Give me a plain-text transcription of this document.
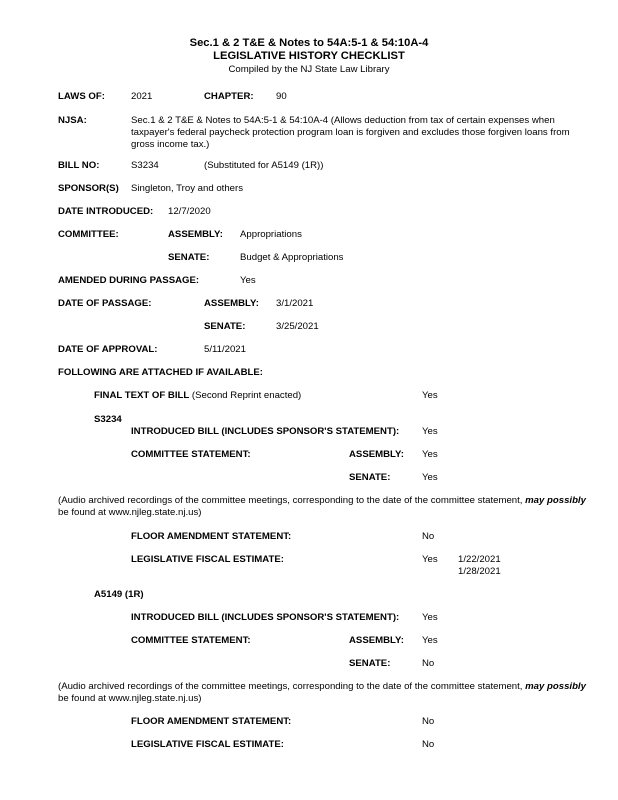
Sec.1 & 2 T&E & Notes to 54A:5-1 & 54:10A-4
LEGISLATIVE HISTORY CHECKLIST
Compiled by the NJ State Law Library
LAWS OF:	2021	CHAPTER: 90
NJSA:	Sec.1 & 2 T&E & Notes to 54A:5-1 & 54:10A-4 (Allows deduction from tax of certain expenses when taxpayer's federal paycheck protection program loan is forgiven and excludes those forgiven loans from gross income tax.)
BILL NO:	S3234	(Substituted for A5149 (1R))
SPONSOR(S) Singleton, Troy and others
DATE INTRODUCED: 12/7/2020
COMMITTEE:	ASSEMBLY: Appropriations
SENATE:	Budget & Appropriations
AMENDED DURING PASSAGE:	Yes
DATE OF PASSAGE:	ASSEMBLY: 3/1/2021
SENATE:	3/25/2021
DATE OF APPROVAL:	5/11/2021
FOLLOWING ARE ATTACHED IF AVAILABLE:
FINAL TEXT OF BILL (Second Reprint enacted)	Yes
S3234
INTRODUCED BILL (INCLUDES SPONSOR'S STATEMENT): Yes
COMMITTEE STATEMENT:	ASSEMBLY: Yes
SENATE:	Yes
(Audio archived recordings of the committee meetings, corresponding to the date of the committee statement, may possibly
be found at www.njleg.state.nj.us)
FLOOR AMENDMENT STATEMENT:	No
LEGISLATIVE FISCAL ESTIMATE:	Yes 1/22/2021
1/28/2021
A5149 (1R)
INTRODUCED BILL (INCLUDES SPONSOR'S STATEMENT): Yes
COMMITTEE STATEMENT:	ASSEMBLY: Yes
SENATE:	No
(Audio archived recordings of the committee meetings, corresponding to the date of the committee statement, may possibly
be found at www.njleg.state.nj.us)
FLOOR AMENDMENT STATEMENT:	No
LEGISLATIVE FISCAL ESTIMATE:	No
